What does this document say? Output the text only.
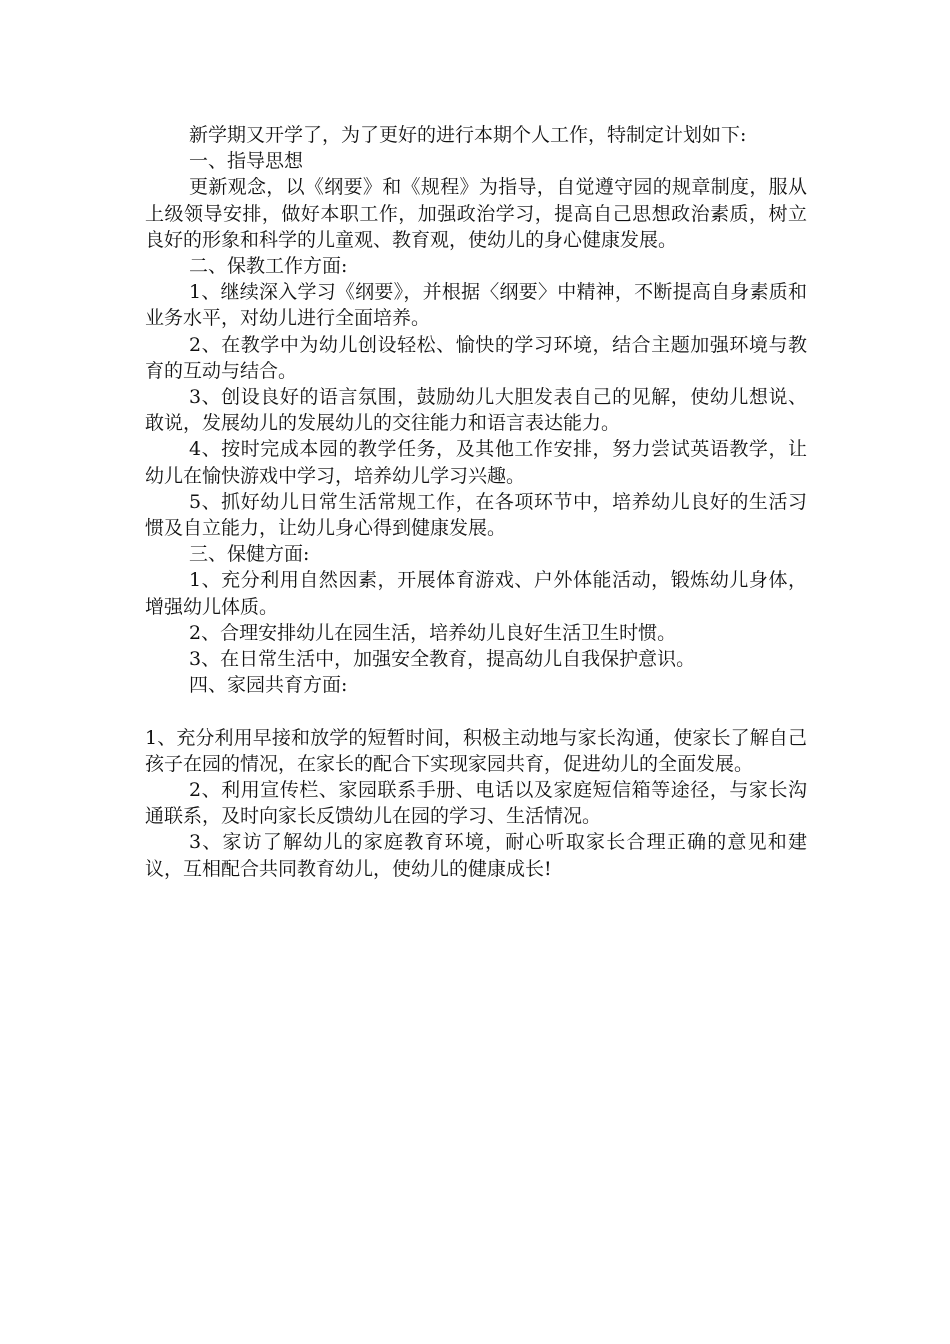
新学期又开学了，为了更好的进行本期个人工作，特制定计划如下:

一、指导思想

更新观念，以《纲要》和《规程》为指导，自觉遵守园的规章制度，服从上级领导安排，做好本职工作，加强政治学习，提高自己思想政治素质，树立良好的形象和科学的儿童观、教育观，使幼儿的身心健康发展。

二、保教工作方面:

1、继续深入学习《纲要》，并根据〈纲要〉中精神，不断提高自身素质和业务水平，对幼儿进行全面培养。

2、在教学中为幼儿创设轻松、愉快的学习环境，结合主题加强环境与教育的互动与结合。

3、创设良好的语言氛围，鼓励幼儿大胆发表自己的见解，使幼儿想说、敢说，发展幼儿的发展幼儿的交往能力和语言表达能力。

4、按时完成本园的教学任务，及其他工作安排，努力尝试英语教学，让幼儿在愉快游戏中学习，培养幼儿学习兴趣。

5、抓好幼儿日常生活常规工作，在各项环节中，培养幼儿良好的生活习惯及自立能力，让幼儿身心得到健康发展。

三、保健方面:

1、充分利用自然因素，开展体育游戏、户外体能活动，锻炼幼儿身体，增强幼儿体质。

2、合理安排幼儿在园生活，培养幼儿良好生活卫生时惯。

3、在日常生活中，加强安全教育，提高幼儿自我保护意识。

四、家园共育方面:

1、充分利用早接和放学的短暂时间，积极主动地与家长沟通，使家长了解自己孩子在园的情况，在家长的配合下实现家园共育，促进幼儿的全面发展。

2、利用宣传栏、家园联系手册、电话以及家庭短信箱等途径，与家长沟通联系，及时向家长反馈幼儿在园的学习、生活情况。

3、家访了解幼儿的家庭教育环境，耐心听取家长合理正确的意见和建议，互相配合共同教育幼儿，使幼儿的健康成长!
